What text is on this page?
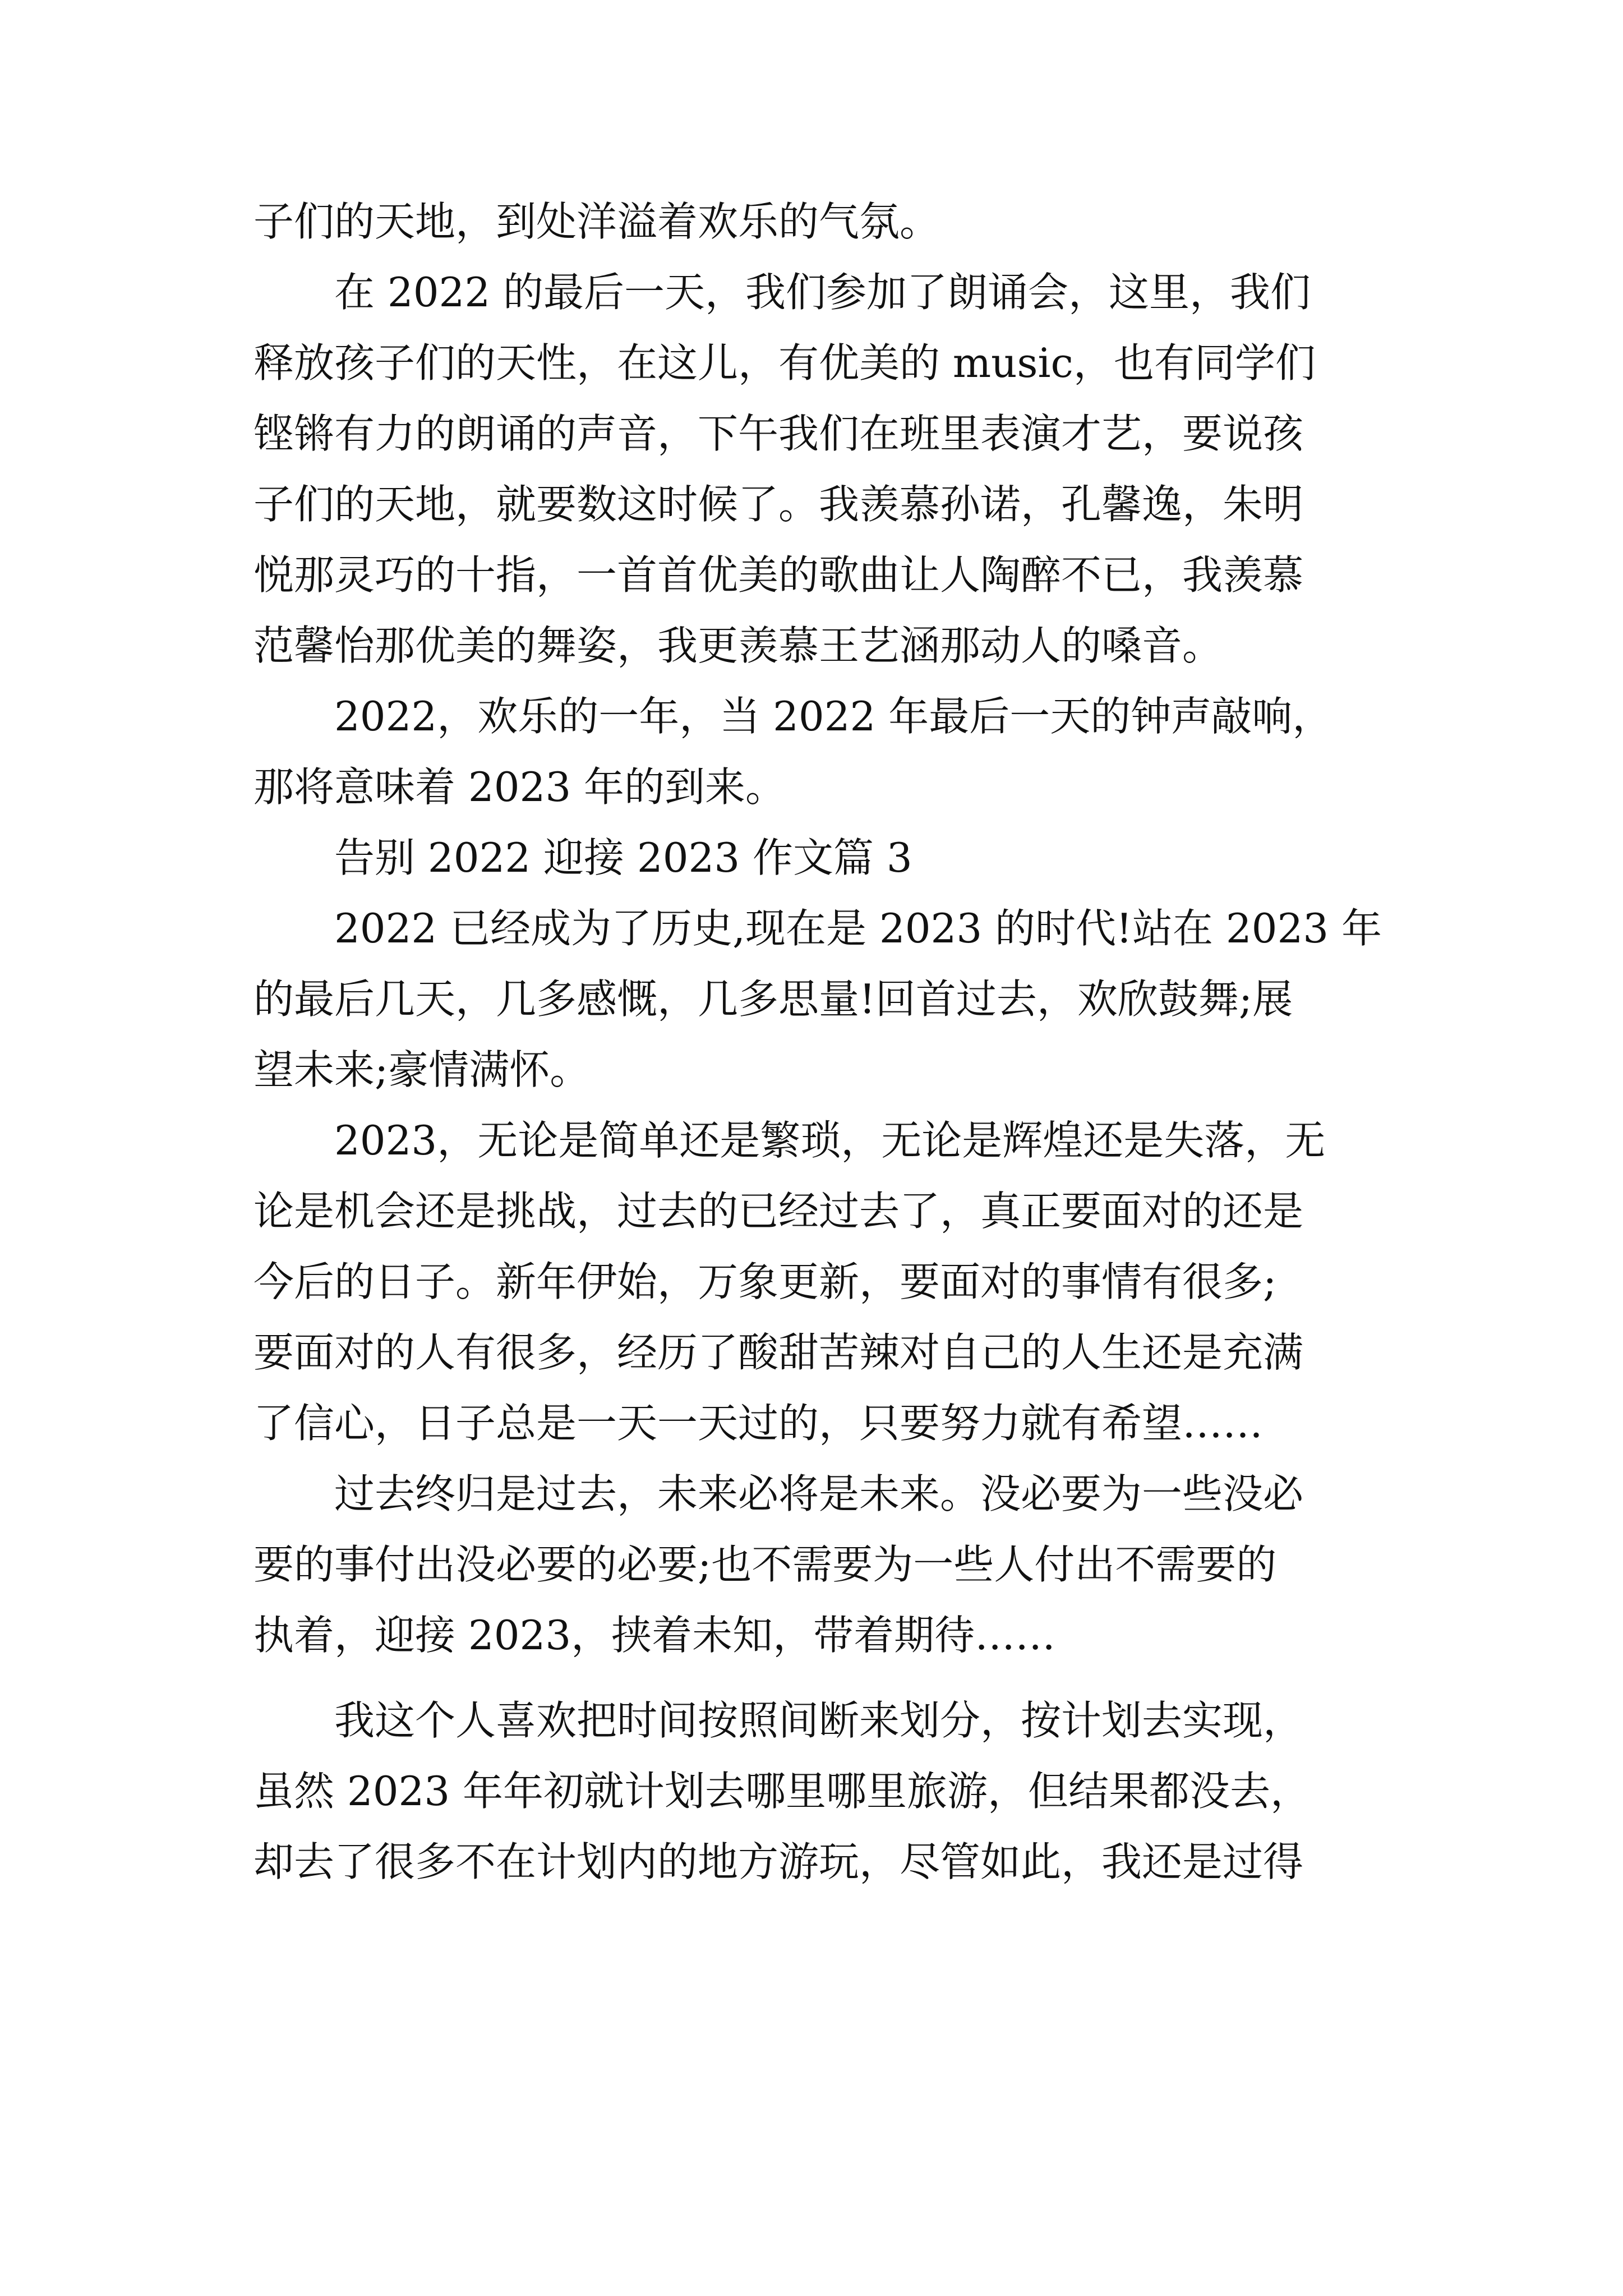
子们的天地，到处洋溢着欢乐的气氛。
在 2022 的最后一天，我们参加了朗诵会，这里，我们
释放孩子们的天性，在这儿，有优美的 music，也有同学们
铿锵有力的朗诵的声音，下午我们在班里表演才艺，要说孩
子们的天地，就要数这时候了。我羡慕孙诺，孔馨逸，朱明
悦那灵巧的十指，一首首优美的歌曲让人陶醉不已，我羡慕
范馨怡那优美的舞姿，我更羡慕王艺涵那动人的嗓音。
2022，欢乐的一年，当 2022 年最后一天的钟声敲响，
那将意味着 2023 年的到来。
告别 2022 迎接 2023 作文篇 3
2022 已经成为了历史,现在是 2023 的时代!站在 2023 年
的最后几天，几多感慨，几多思量!回首过去，欢欣鼓舞;展
望未来;豪情满怀。
2023，无论是简单还是繁琐，无论是辉煌还是失落，无
论是机会还是挑战，过去的已经过去了，真正要面对的还是
今后的日子。新年伊始，万象更新，要面对的事情有很多;
要面对的人有很多，经历了酸甜苦辣对自己的人生还是充满
了信心，日子总是一天一天过的，只要努力就有希望……
过去终归是过去，未来必将是未来。没必要为一些没必
要的事付出没必要的必要;也不需要为一些人付出不需要的
执着，迎接 2023，挟着未知，带着期待……
我这个人喜欢把时间按照间断来划分，按计划去实现，
虽然 2023 年年初就计划去哪里哪里旅游，但结果都没去，
却去了很多不在计划内的地方游玩，尽管如此，我还是过得
